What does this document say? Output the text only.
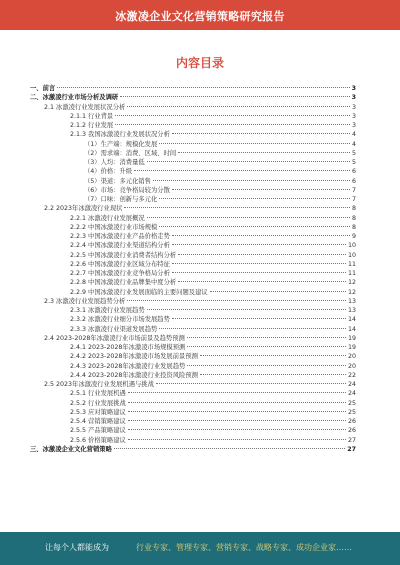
冰激凌企业文化营销策略研究报告
内容目录
一、前言	3
二、冰激凌行业市场分析及调研	3
2.1 冰激凌行业发展状况分析	3
2.1.1 行业背景	3
2.1.2 行业发展	3
2.1.3 我国冰激凌行业发展状况分析	4
（1）生产端：规模化发展	4
（2）需求端：消费、区域、时间	5
（3）人均：消费量低	5
（4）价格：升级	6
（5）渠道：多元化销售	6
（6）市场：竞争格局较为分散	7
（7）口味：创新与多元化	7
2.2 2023年冰激凌行业现状	8
2.2.1 冰激凌行业发展概况	8
2.2.2 中国冰激凌行业市场规模	8
2.2.3 中国冰激凌行业产品价格走势	9
2.2.4 中国冰激凌行业渠道结构分析	10
2.2.5 中国冰激凌行业消费者结构分析	10
2.2.6 中国冰激凌行业区域分布特征	11
2.2.7 中国冰激凌行业竞争格局分析	11
2.2.8 中国冰激凌行业品牌集中度分析	12
2.2.9 中国冰激凌行业发展面临的主要问题及建议	12
2.3 冰激凌行业发展趋势分析	13
2.3.1 冰激凌行业发展趋势	13
2.3.2 冰激凌行业细分市场发展趋势	14
2.3.3 冰激凌行业渠道发展趋势	14
2.4 2023-2028年冰激凌行业市场前景及趋势预测	19
2.4.1 2023-2028年冰激凌市场规模预测	19
2.4.2 2023-2028年冰激凌市场发展前景预测	20
2.4.3 2023-2028年冰激凌行业发展趋势	20
2.4.4 2023-2028年冰激凌行业投资风险预测	22
2.5 2023年冰激凌行业发展机遇与挑战	24
2.5.1 行业发展机遇	24
2.5.2 行业发展挑战	25
2.5.3 应对策略建议	25
2.5.4 营销策略建议	26
2.5.5 产品策略建议	26
2.5.6 价格策略建议	27
三、冰激凌企业文化营销策略	27
让每个人都能成为	行业专家、管理专家、营销专家、战略专家、成功企业家……
